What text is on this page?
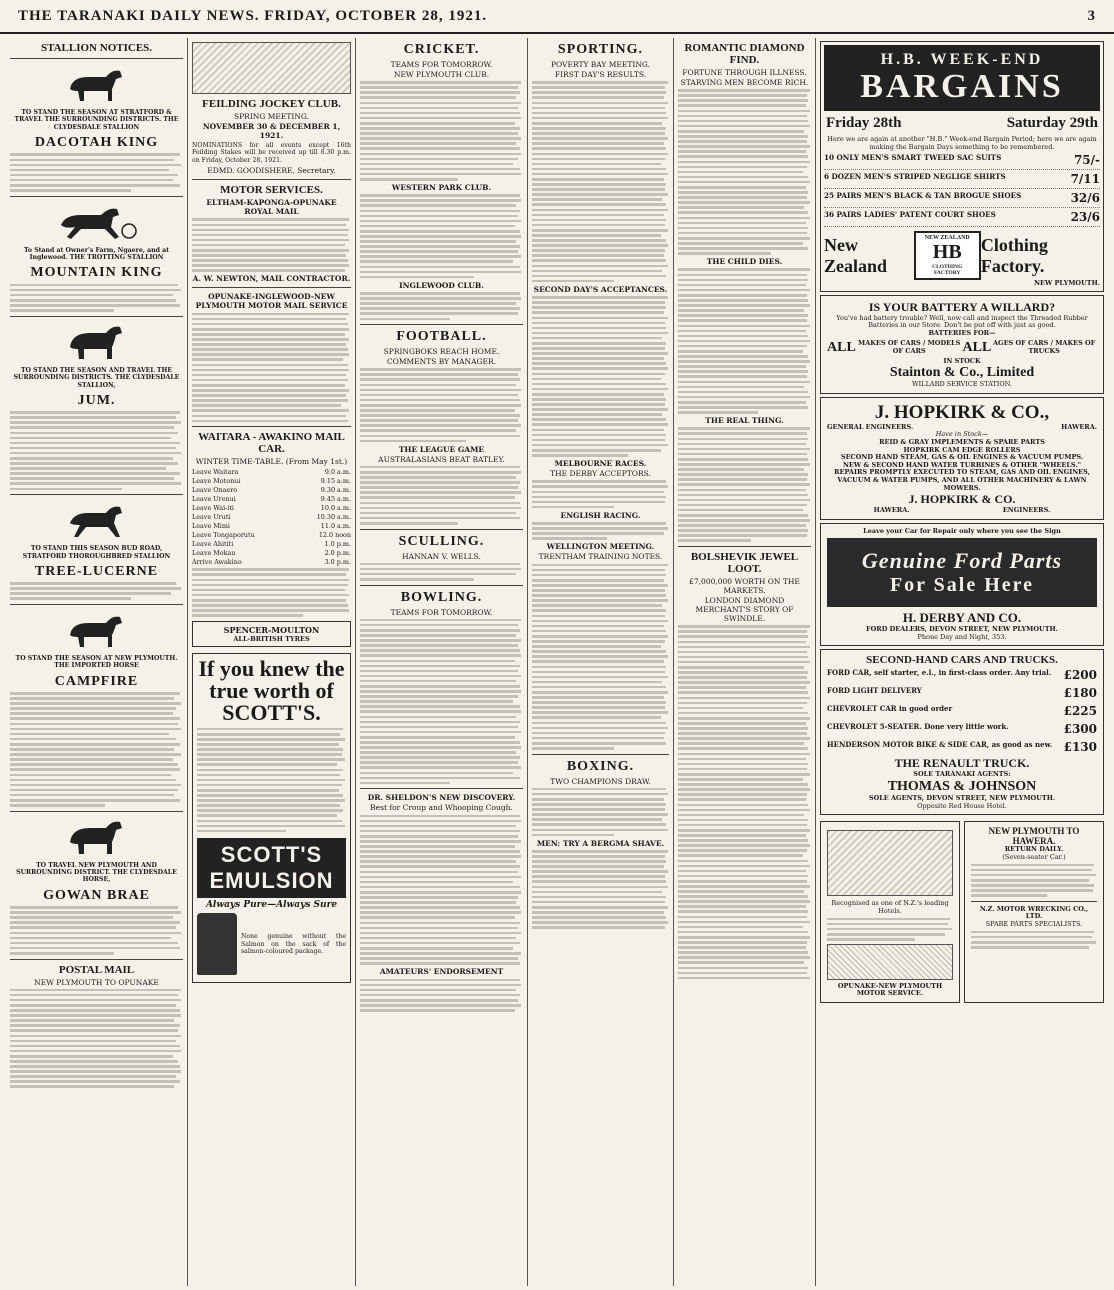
THE TARANAKI DAILY NEWS. FRIDAY, OCTOBER 28, 1921.	3
STALLION NOTICES.
TO STAND THE SEASON AT STRATFORD & TRAVEL THE SURROUNDING DISTRICTS. THE CLYDESDALE STALLION
DACOTAH KING
To Stand at Owner's Farm, Ngaere, and at Inglewood. THE TROTTING STALLION
MOUNTAIN KING
TO STAND THE SEASON AND TRAVEL THE SURROUNDING DISTRICTS. THE CLYDESDALE STALLION,
JUM.
TO STAND THIS SEASON BUD ROAD, STRATFORD THOROUGHBRED STALLION
TREE-LUCERNE
TO STAND THE SEASON AT NEW PLYMOUTH. THE IMPORTED HORSE
CAMPFIRE
TO TRAVEL NEW PLYMOUTH AND SURROUNDING DISTRICT. THE CLYDESDALE HORSE,
GOWAN BRAE
POSTAL MAIL
NEW PLYMOUTH TO OPUNAKE
FEILDING JOCKEY CLUB.
SPRING MEETING.
NOVEMBER 30 & DECEMBER 1, 1921.
NOMINATIONS for all events except 16th Feilding Stakes will be received up till 8.30 p.m. on Friday, October 28, 1921.
EDMD. GOODISHERE, Secretary.
MOTOR SERVICES.
ELTHAM-KAPONGA-OPUNAKE ROYAL MAIL
A. W. NEWTON, MAIL CONTRACTOR.
OPUNAKE-INGLEWOOD-NEW PLYMOUTH MOTOR MAIL SERVICE
WAITARA - AWAKINO MAIL CAR.
WINTER TIME-TABLE. (From May 1st.)
Leave Waitara	9.0 a.m.
Leave Motonui	9.15 a.m.
Leave Onaero	9.30 a.m.
Leave Urenui	9.45 a.m.
Leave Wai-iti	10.0 a.m.
Leave Uruti	10.30 a.m.
Leave Mimi	11.0 a.m.
Leave Tongaporutu	12.0 noon
Leave Ahititi	1.0 p.m.
Leave Mokau	2.0 p.m.
Arrive Awakino	3.0 p.m.
SPENCER-MOULTON
ALL-BRITISH TYRES
If you knew the true worth of SCOTT'S.
SCOTT'S EMULSION
Always Pure—Always Sure
None genuine without the Salmon on the sack of the salmon-coloured package.
CRICKET.
TEAMS FOR TOMORROW.
NEW PLYMOUTH CLUB.
WESTERN PARK CLUB.
INGLEWOOD CLUB.
FOOTBALL.
SPRINGBOKS REACH HOME.
COMMENTS BY MANAGER.
THE LEAGUE GAME
AUSTRALASIANS BEAT BATLEY.
SCULLING.
HANNAN V. WELLS.
BOWLING.
TEAMS FOR TOMORROW.
DR. SHELDON'S NEW DISCOVERY.
Best for Croup and Whooping Cough.
AMATEURS' ENDORSEMENT
SPORTING.
POVERTY BAY MEETING.
FIRST DAY'S RESULTS.
SECOND DAY'S ACCEPTANCES.
MELBOURNE RACES.
THE DERBY ACCEPTORS.
ENGLISH RACING.
WELLINGTON MEETING.
TRENTHAM TRAINING NOTES.
BOXING.
TWO CHAMPIONS DRAW.
MEN: TRY A BERGMA SHAVE.
ROMANTIC DIAMOND FIND.
FORTUNE THROUGH ILLNESS.
STARVING MEN BECOME RICH.
THE CHILD DIES.
THE REAL THING.
BOLSHEVIK JEWEL LOOT.
£7,000,000 WORTH ON THE MARKETS.
LONDON DIAMOND MERCHANT'S STORY OF SWINDLE.
H.B. WEEK-END
BARGAINS
Friday 28th	Saturday 29th
Here we are again at another "H.B." Week-end Bargain Period; here we are again making the Bargain Days something to be remembered.
10 ONLY MEN'S SMART TWEED SAC SUITS	75/-
6 DOZEN MEN'S STRIPED NEGLIGE SHIRTS	7/11
25 PAIRS MEN'S BLACK & TAN BROGUE SHOES	32/6
36 PAIRS LADIES' PATENT COURT SHOES	23/6
New Zealand
NEW ZEALAND
HB
CLOTHING FACTORY
Clothing Factory.
NEW PLYMOUTH.
IS YOUR BATTERY A WILLARD?
You've had battery trouble? Well, now call and inspect the Threaded Rubber Batteries in our Store. Don't be put off with just as good.
BATTERIES FOR—
ALL MAKES OF CARS / MODELS OF CARS	ALL AGES OF CARS / MAKES OF TRUCKS
IN STOCK
Stainton & Co., Limited
WILLARD SERVICE STATION.
J. HOPKIRK & CO.,
GENERAL ENGINEERS.	HAWERA.
Have in Stock—
REID & GRAY IMPLEMENTS & SPARE PARTS
HOPKIRK CAM EDGE ROLLERS
SECOND HAND STEAM, GAS & OIL ENGINES & VACUUM PUMPS.
NEW & SECOND HAND WATER TURBINES & OTHER "WHEELS."
REPAIRS PROMPTLY EXECUTED TO STEAM, GAS AND OIL ENGINES, VACUUM & WATER PUMPS, AND ALL OTHER MACHINERY & LAWN MOWERS.
J. HOPKIRK & CO.
HAWERA.	ENGINEERS.
Leave your Car for Repair only where you see the Sign
Genuine Ford Parts
For Sale Here
H. DERBY AND CO.
FORD DEALERS, DEVON STREET, NEW PLYMOUTH.
Phone Day and Night, 353.
SECOND-HAND CARS AND TRUCKS.
FORD CAR, self starter, e.l., in first-class order. Any trial. £200
FORD LIGHT DELIVERY	£180
CHEVROLET CAR in good order	£225
CHEVROLET 5-SEATER. Done very little work.	£300
HENDERSON MOTOR BIKE & SIDE CAR, as good as new. £130
THE RENAULT TRUCK.
SOLE TARANAKI AGENTS:
THOMAS & JOHNSON
SOLE AGENTS, DEVON STREET, NEW PLYMOUTH.
Opposite Red House Hotel.
Recognised as one of N.Z.'s leading Hotels.
OPUNAKE-NEW PLYMOUTH MOTOR SERVICE.
NEW PLYMOUTH TO HAWERA.
RETURN DAILY.
(Seven-seater Car.)
N.Z. MOTOR WRECKING CO., LTD.
SPARE PARTS SPECIALISTS.
